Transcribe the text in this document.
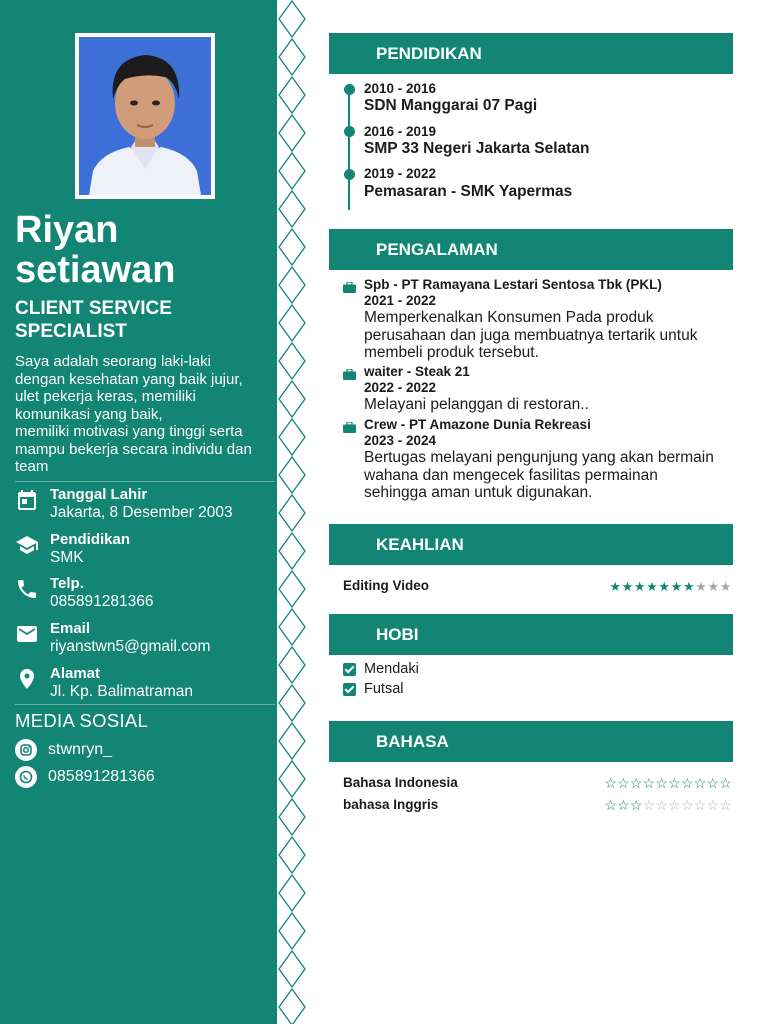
Riyan
setiawan
CLIENT SERVICE
SPECIALIST
Saya adalah seorang laki-laki
dengan kesehatan yang baik jujur,
ulet pekerja keras, memiliki
komunikasi yang baik,
memiliki motivasi yang tinggi serta
mampu bekerja secara individu dan
team
Tanggal Lahir
Jakarta, 8 Desember 2003
Pendidikan
SMK
Telp.
085891281366
Email
riyanstwn5@gmail.com
Alamat
Jl. Kp. Balimatraman
MEDIA SOSIAL
stwnryn_
085891281366
PENDIDIKAN
2010 - 2016
SDN Manggarai 07 Pagi
2016 - 2019
SMP 33 Negeri Jakarta Selatan
2019 - 2022
Pemasaran - SMK Yapermas
PENGALAMAN
Spb - PT Ramayana Lestari Sentosa Tbk (PKL)
2021 - 2022
Memperkenalkan Konsumen Pada produk
perusahaan dan juga membuatnya tertarik untuk
membeli produk tersebut.
waiter - Steak 21
2022 - 2022
Melayani pelanggan di restoran..
Crew - PT Amazone Dunia Rekreasi
2023 - 2024
Bertugas melayani pengunjung yang akan bermain
wahana dan mengecek fasilitas permainan
sehingga aman untuk digunakan.
KEAHLIAN
Editing Video	★★★★★★★★★★
HOBI
Mendaki
Futsal
BAHASA
Bahasa Indonesia	☆☆☆☆☆☆☆☆☆☆
bahasa Inggris	☆☆☆☆☆☆☆☆☆☆
